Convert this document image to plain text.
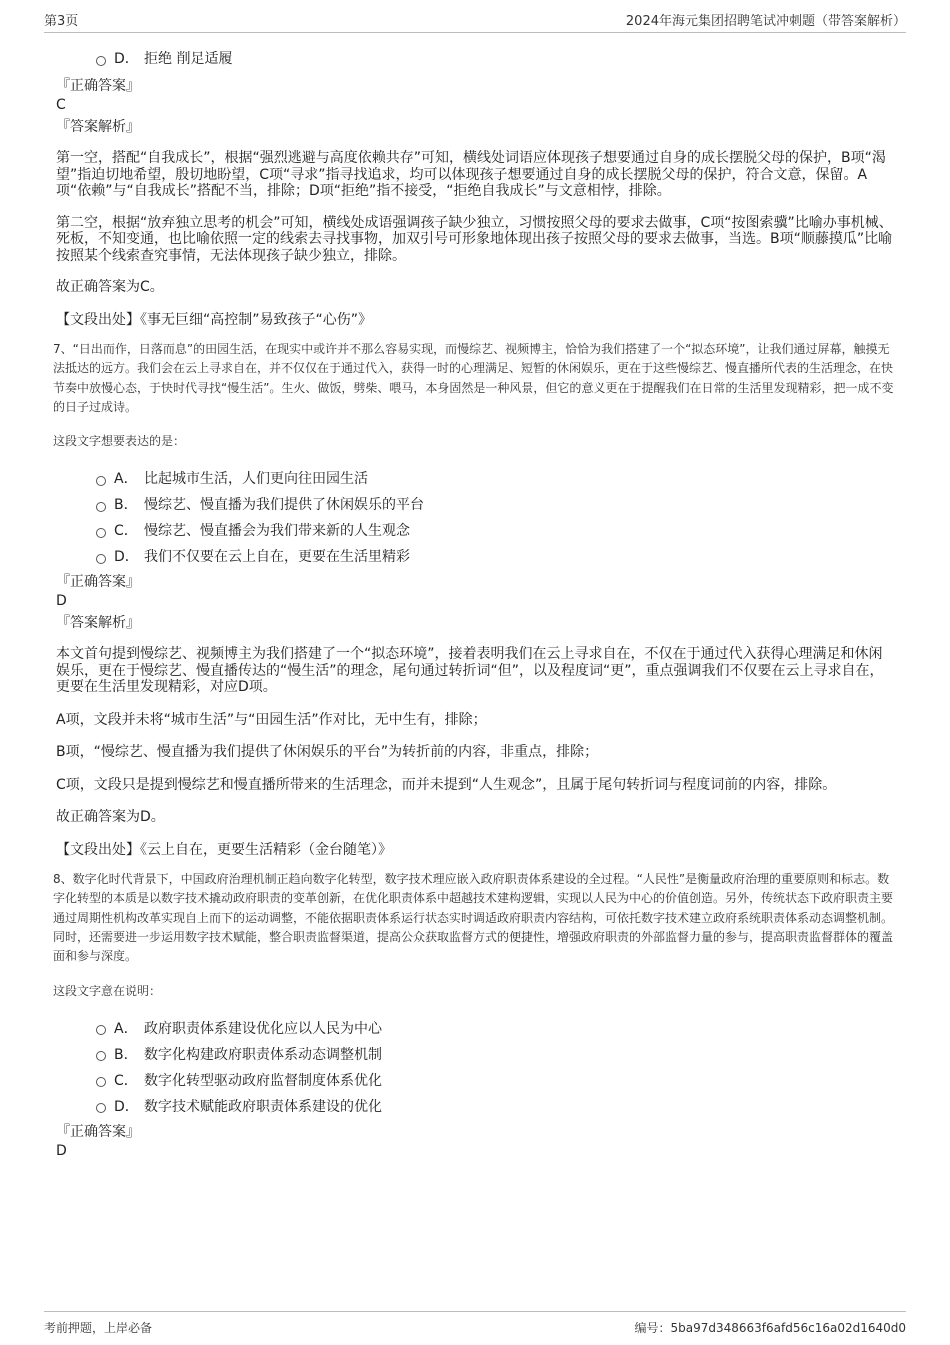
第3页	2024年海元集团招聘笔试冲刺题（带答案解析）
D． 拒绝 削足适履
『正确答案』
C
『答案解析』

第一空，搭配“自我成长”，根据“强烈逃避与高度依赖共存”可知，横线处词语应体现孩子想要通过自身的成长摆脱父母的保护，B项“渴望”指迫切地希望，殷切地盼望，C项“寻求”指寻找追求，均可以体现孩子想要通过自身的成长摆脱父母的保护，符合文意，保留。A项“依赖”与“自我成长”搭配不当，排除；D项“拒绝”指不接受，“拒绝自我成长”与文意相悖，排除。

第二空，根据“放弃独立思考的机会”可知，横线处成语强调孩子缺少独立，习惯按照父母的要求去做事，C项“按图索骥”比喻办事机械、死板，不知变通，也比喻依照一定的线索去寻找事物，加双引号可形象地体现出孩子按照父母的要求去做事，当选。B项“顺藤摸瓜”比喻按照某个线索查究事情，无法体现孩子缺少独立，排除。

故正确答案为C。

【文段出处】《事无巨细“高控制”易致孩子“心伤”》

7、“日出而作，日落而息”的田园生活，在现实中或许并不那么容易实现，而慢综艺、视频博主，恰恰为我们搭建了一个“拟态环境”，让我们通过屏幕，触摸无法抵达的远方。我们会在云上寻求自在，并不仅仅在于通过代入，获得一时的心理满足、短暂的休闲娱乐，更在于这些慢综艺、慢直播所代表的生活理念，在快节奏中放慢心态，于快时代寻找“慢生活”。生火、做饭，劈柴、喂马，本身固然是一种风景，但它的意义更在于提醒我们在日常的生活里发现精彩，把一成不变的日子过成诗。

这段文字想要表达的是：

A． 比起城市生活，人们更向往田园生活
B． 慢综艺、慢直播为我们提供了休闲娱乐的平台
C． 慢综艺、慢直播会为我们带来新的人生观念
D． 我们不仅要在云上自在，更要在生活里精彩
『正确答案』
D
『答案解析』

本文首句提到慢综艺、视频博主为我们搭建了一个“拟态环境”，接着表明我们在云上寻求自在，不仅在于通过代入获得心理满足和休闲娱乐，更在于慢综艺、慢直播传达的“慢生活”的理念，尾句通过转折词“但”，以及程度词“更”，重点强调我们不仅要在云上寻求自在，更要在生活里发现精彩，对应D项。

A项，文段并未将“城市生活”与“田园生活”作对比，无中生有，排除；

B项，“慢综艺、慢直播为我们提供了休闲娱乐的平台”为转折前的内容，非重点，排除；

C项，文段只是提到慢综艺和慢直播所带来的生活理念，而并未提到“人生观念”，且属于尾句转折词与程度词前的内容，排除。

故正确答案为D。

【文段出处】《云上自在，更要生活精彩（金台随笔）》

8、数字化时代背景下，中国政府治理机制正趋向数字化转型，数字技术理应嵌入政府职责体系建设的全过程。“人民性”是衡量政府治理的重要原则和标志。数字化转型的本质是以数字技术撬动政府职责的变革创新，在优化职责体系中超越技术建构逻辑，实现以人民为中心的价值创造。另外，传统状态下政府职责主要通过周期性机构改革实现自上而下的运动调整，不能依据职责体系运行状态实时调适政府职责内容结构，可依托数字技术建立政府系统职责体系动态调整机制。同时，还需要进一步运用数字技术赋能，整合职责监督渠道，提高公众获取监督方式的便捷性，增强政府职责的外部监督力量的参与，提高职责监督群体的覆盖面和参与深度。

这段文字意在说明：

A． 政府职责体系建设优化应以人民为中心
B． 数字化构建政府职责体系动态调整机制
C． 数字化转型驱动政府监督制度体系优化
D． 数字技术赋能政府职责体系建设的优化
『正确答案』
D
考前押题，上岸必备	编号：5ba97d348663f6afd56c16a02d1640d0
